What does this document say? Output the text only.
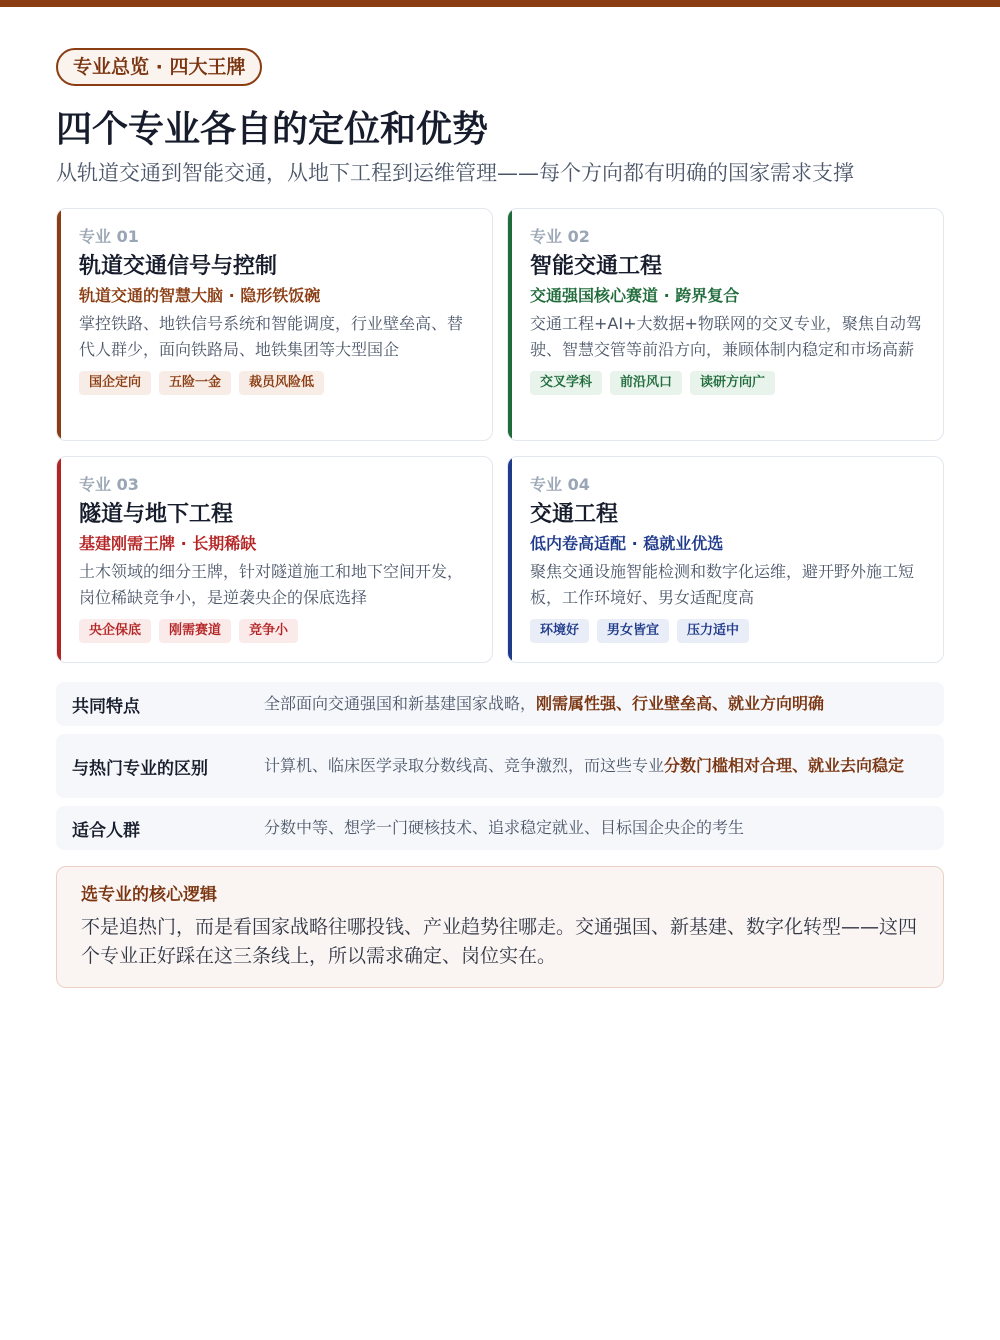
专业总览 · 四大王牌
四个专业各自的定位和优势

从轨道交通到智能交通，从地下工程到运维管理——每个方向都有明确的国家需求支撑

专业 01
轨道交通信号与控制
轨道交通的智慧大脑 · 隐形铁饭碗
掌控铁路、地铁信号系统和智能调度，行业壁垒高、替代人群少，面向铁路局、地铁集团等大型国企
国企定向	五险一金	裁员风险低
专业 02
智能交通工程
交通强国核心赛道 · 跨界复合
交通工程+AI+大数据+物联网的交叉专业，聚焦自动驾驶、智慧交管等前沿方向，兼顾体制内稳定和市场高薪
交叉学科	前沿风口	读研方向广
专业 03
隧道与地下工程
基建刚需王牌 · 长期稀缺
土木领域的细分王牌，针对隧道施工和地下空间开发，岗位稀缺竞争小，是逆袭央企的保底选择
央企保底	刚需赛道	竞争小
专业 04
交通工程
低内卷高适配 · 稳就业优选
聚焦交通设施智能检测和数字化运维，避开野外施工短板，工作环境好、男女适配度高
环境好	男女皆宜	压力适中
共同特点	全部面向交通强国和新基建国家战略，刚需属性强、行业壁垒高、就业方向明确
与热门专业的区别	计算机、临床医学录取分数线高、竞争激烈，而这些专业分数门槛相对合理、就业去向稳定
适合人群	分数中等、想学一门硬核技术、追求稳定就业、目标国企央企的考生
选专业的核心逻辑
不是追热门，而是看国家战略往哪投钱、产业趋势往哪走。交通强国、新基建、数字化转型——这四个专业正好踩在这三条线上，所以需求确定、岗位实在。
